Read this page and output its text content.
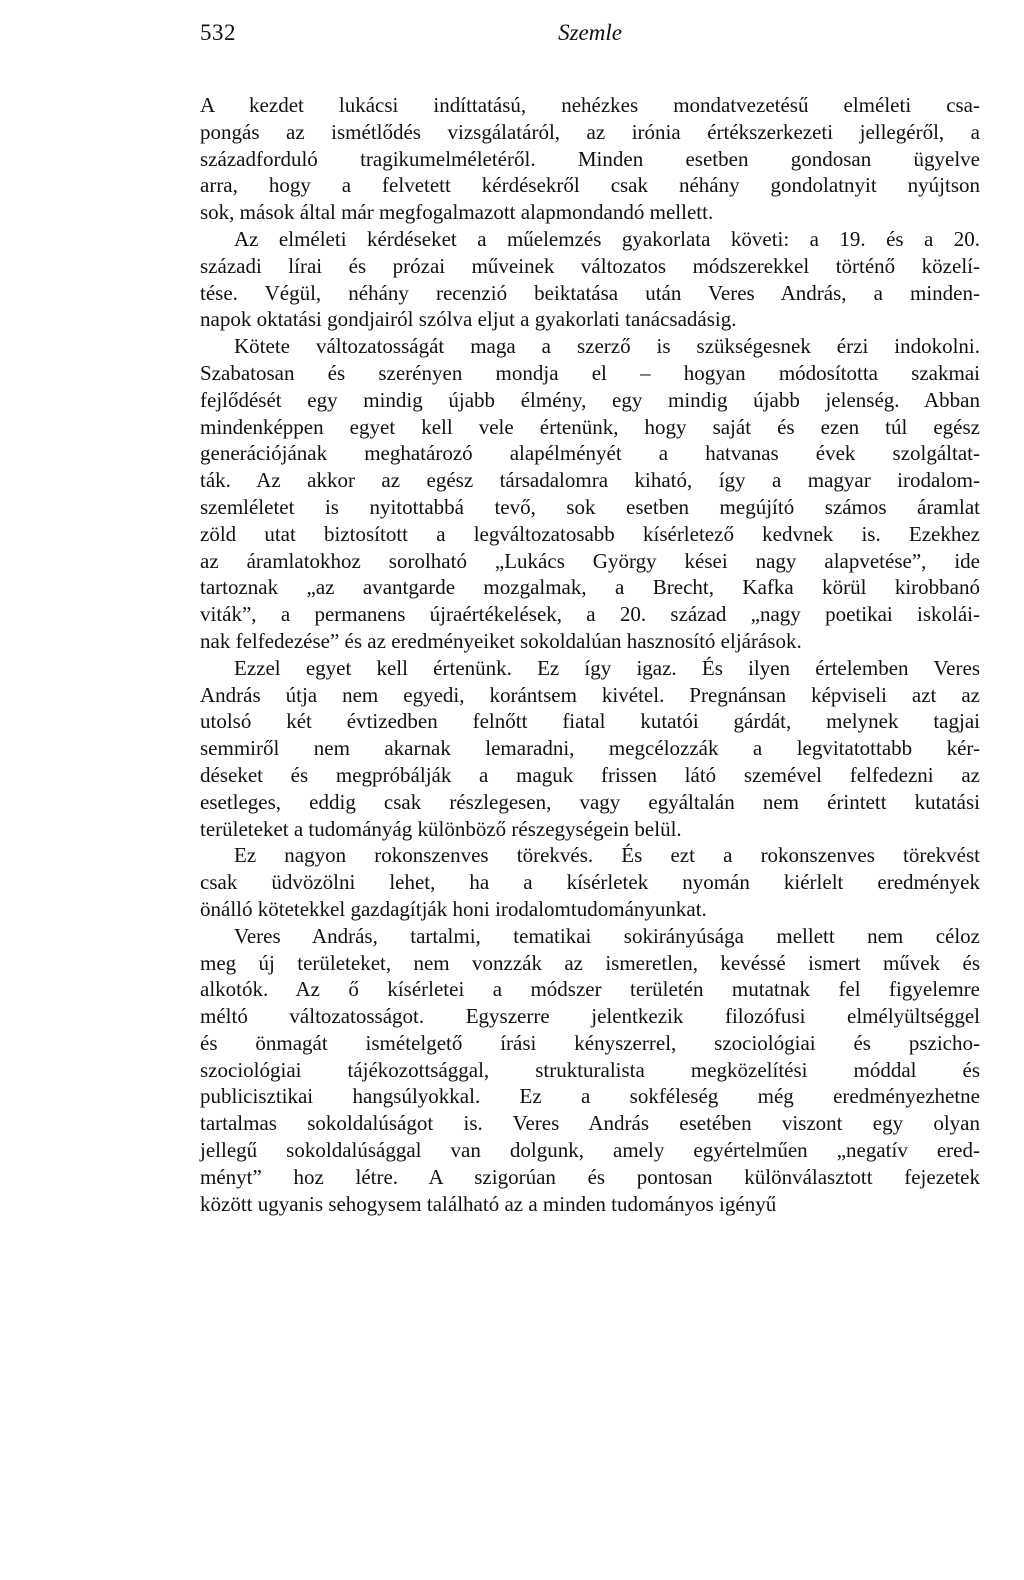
532	Szemle

A kezdet lukácsi indíttatású, nehézkes mondatvezetésű elméleti csa-
pongás az ismétlődés vizsgálatáról, az irónia értékszerkezeti jellegéről, a
századforduló tragikumelméletéről. Minden esetben gondosan ügyelve
arra, hogy a felvetett kérdésekről csak néhány gondolatnyit nyújtson
sok, mások által már megfogalmazott alapmondandó mellett.

Az elméleti kérdéseket a műelemzés gyakorlata követi: a 19. és a 20.
századi lírai és prózai műveinek változatos módszerekkel történő közelí-
tése. Végül, néhány recenzió beiktatása után Veres András, a minden-
napok oktatási gondjairól szólva eljut a gyakorlati tanácsadásig.

Kötete változatosságát maga a szerző is szükségesnek érzi indokolni.
Szabatosan és szerényen mondja el – hogyan módosította szakmai
fejlődését egy mindig újabb élmény, egy mindig újabb jelenség. Abban
mindenképpen egyet kell vele értenünk, hogy saját és ezen túl egész
generációjának meghatározó alapélményét a hatvanas évek szolgáltat-
ták. Az akkor az egész társadalomra kiható, így a magyar irodalom-
szemléletet is nyitottabbá tevő, sok esetben megújító számos áramlat
zöld utat biztosított a legváltozatosabb kísérletező kedvnek is. Ezekhez
az áramlatokhoz sorolható „Lukács György kései nagy alapvetése”, ide
tartoznak „az avantgarde mozgalmak, a Brecht, Kafka körül kirobbanó
viták”, a permanens újraértékelések, a 20. század „nagy poetikai iskolái-
nak felfedezése” és az eredményeiket sokoldalúan hasznosító eljárások.

Ezzel egyet kell értenünk. Ez így igaz. És ilyen értelemben Veres
András útja nem egyedi, korántsem kivétel. Pregnánsan képviseli azt az
utolsó két évtizedben felnőtt fiatal kutatói gárdát, melynek tagjai
semmiről nem akarnak lemaradni, megcélozzák a legvitatottabb kér-
déseket és megpróbálják a maguk frissen látó szemével felfedezni az
esetleges, eddig csak részlegesen, vagy egyáltalán nem érintett kutatási
területeket a tudományág különböző részegységein belül.

Ez nagyon rokonszenves törekvés. És ezt a rokonszenves törekvést
csak üdvözölni lehet, ha a kísérletek nyomán kiérlelt eredmények
önálló kötetekkel gazdagítják honi irodalomtudományunkat.

Veres András, tartalmi, tematikai sokirányúsága mellett nem céloz
meg új területeket, nem vonzzák az ismeretlen, kevéssé ismert művek és
alkotók. Az ő kísérletei a módszer területén mutatnak fel figyelemre
méltó változatosságot. Egyszerre jelentkezik filozófusi elmélyültséggel
és önmagát ismételgető írási kényszerrel, szociológiai és pszicho-
szociológiai tájékozottsággal, strukturalista megközelítési móddal és
publicisztikai hangsúlyokkal. Ez a sokféleség még eredményezhetne
tartalmas sokoldalúságot is. Veres András esetében viszont egy olyan
jellegű sokoldalúsággal van dolgunk, amely egyértelműen „negatív ered-
ményt” hoz létre. A szigorúan és pontosan különválasztott fejezetek
között ugyanis sehogysem található az a minden tudományos igényű
